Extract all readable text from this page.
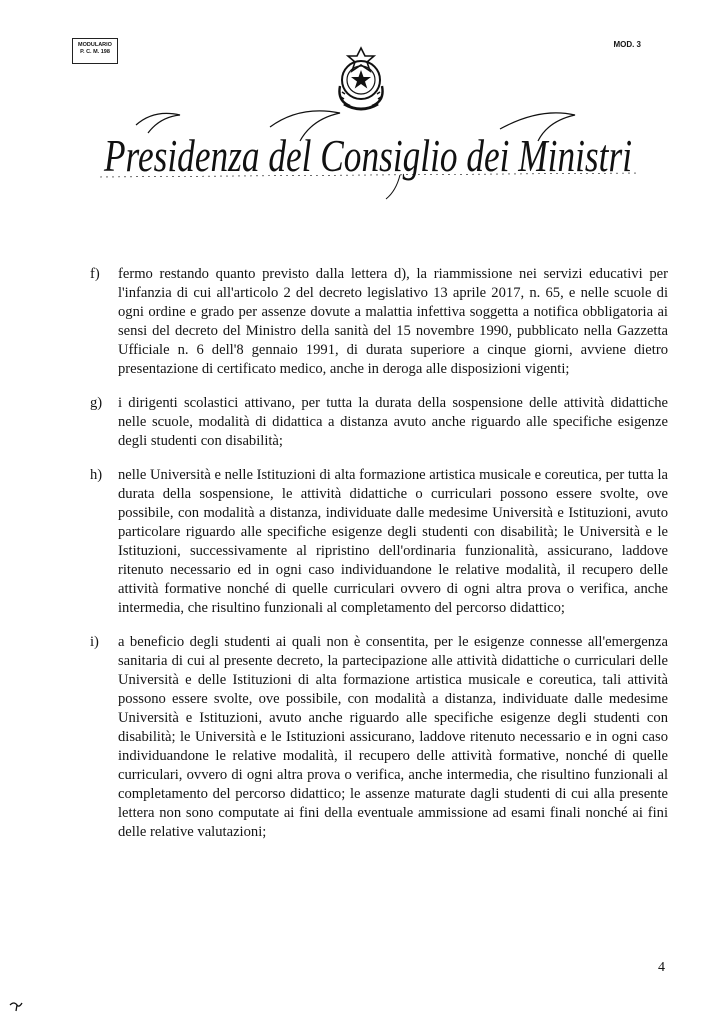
MODULARIO
P. C. M. 198
MOD. 3
Presidenza del Consiglio dei Ministri
f)	fermo restando quanto previsto dalla lettera d), la riammissione nei servizi educativi per l'infanzia di cui all'articolo 2 del decreto legislativo 13 aprile 2017, n. 65, e nelle scuole di ogni ordine e grado per assenze dovute a malattia infettiva soggetta a notifica obbligatoria ai sensi del decreto del Ministro della sanità del 15 novembre 1990, pubblicato nella Gazzetta Ufficiale n. 6 dell'8 gennaio 1991, di durata superiore a cinque giorni, avviene dietro presentazione di certificato medico, anche in deroga alle disposizioni vigenti;
g)	i dirigenti scolastici attivano, per tutta la durata della sospensione delle attività didattiche nelle scuole, modalità di didattica a distanza avuto anche riguardo alle specifiche esigenze degli studenti con disabilità;
h)	nelle Università e nelle Istituzioni di alta formazione artistica musicale e coreutica, per tutta la durata della sospensione, le attività didattiche o curriculari possono essere svolte, ove possibile, con modalità a distanza, individuate dalle medesime Università e Istituzioni, avuto particolare riguardo alle specifiche esigenze degli studenti con disabilità; le Università e le Istituzioni, successivamente al ripristino dell'ordinaria funzionalità, assicurano, laddove ritenuto necessario ed in ogni caso individuandone le relative modalità, il recupero delle attività formative nonché di quelle curriculari ovvero di ogni altra prova o verifica, anche intermedia, che risultino funzionali al completamento del percorso didattico;
i)	a beneficio degli studenti ai quali non è consentita, per le esigenze connesse all'emergenza sanitaria di cui al presente decreto, la partecipazione alle attività didattiche o curriculari delle Università e delle Istituzioni di alta formazione artistica musicale e coreutica, tali attività possono essere svolte, ove possibile, con modalità a distanza, individuate dalle medesime Università e Istituzioni, avuto anche riguardo alle specifiche esigenze degli studenti con disabilità; le Università e le Istituzioni assicurano, laddove ritenuto necessario e in ogni caso individuandone le relative modalità, il recupero delle attività formative, nonché di quelle curriculari, ovvero di ogni altra prova o verifica, anche intermedia, che risultino funzionali al completamento del percorso didattico; le assenze maturate dagli studenti di cui alla presente lettera non sono computate ai fini della eventuale ammissione ad esami finali nonché ai fini delle relative valutazioni;
4
